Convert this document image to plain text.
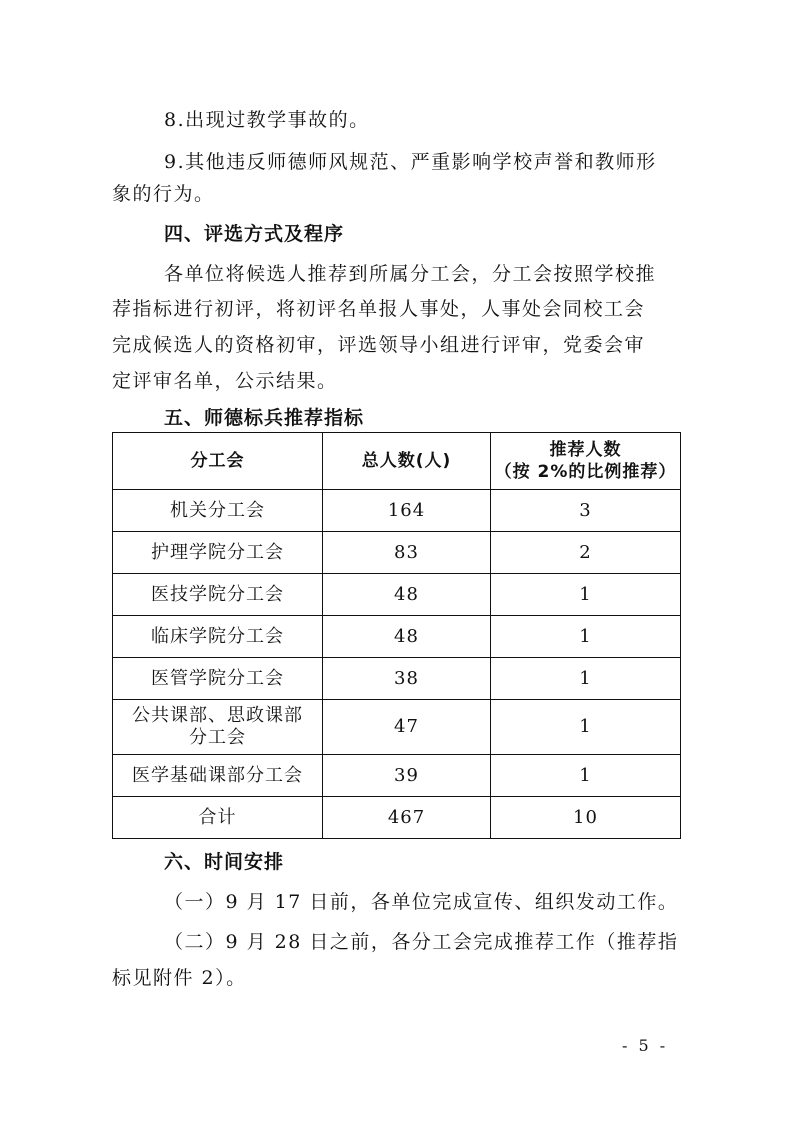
8.出现过教学事故的。
9.其他违反师德师风规范、严重影响学校声誉和教师形
象的行为。
四、评选方式及程序
各单位将候选人推荐到所属分工会，分工会按照学校推
荐指标进行初评，将初评名单报人事处，人事处会同校工会
完成候选人的资格初审，评选领导小组进行评审，党委会审
定评审名单，公示结果。
五、师德标兵推荐指标
分工会	总人数(人)	推荐人数
（按 2%的比例推荐）

机关分工会	164	3
护理学院分工会	83	2
医技学院分工会	48	1
临床学院分工会	48	1
医管学院分工会	38	1

公共课部、思政课部
分工会	47	1
医学基础课部分工会	39	1
合计	467	10
六、时间安排
（一）9 月 17 日前，各单位完成宣传、组织发动工作。
（二）9 月 28 日之前，各分工会完成推荐工作（推荐指
标见附件 2）。
- 5 -
